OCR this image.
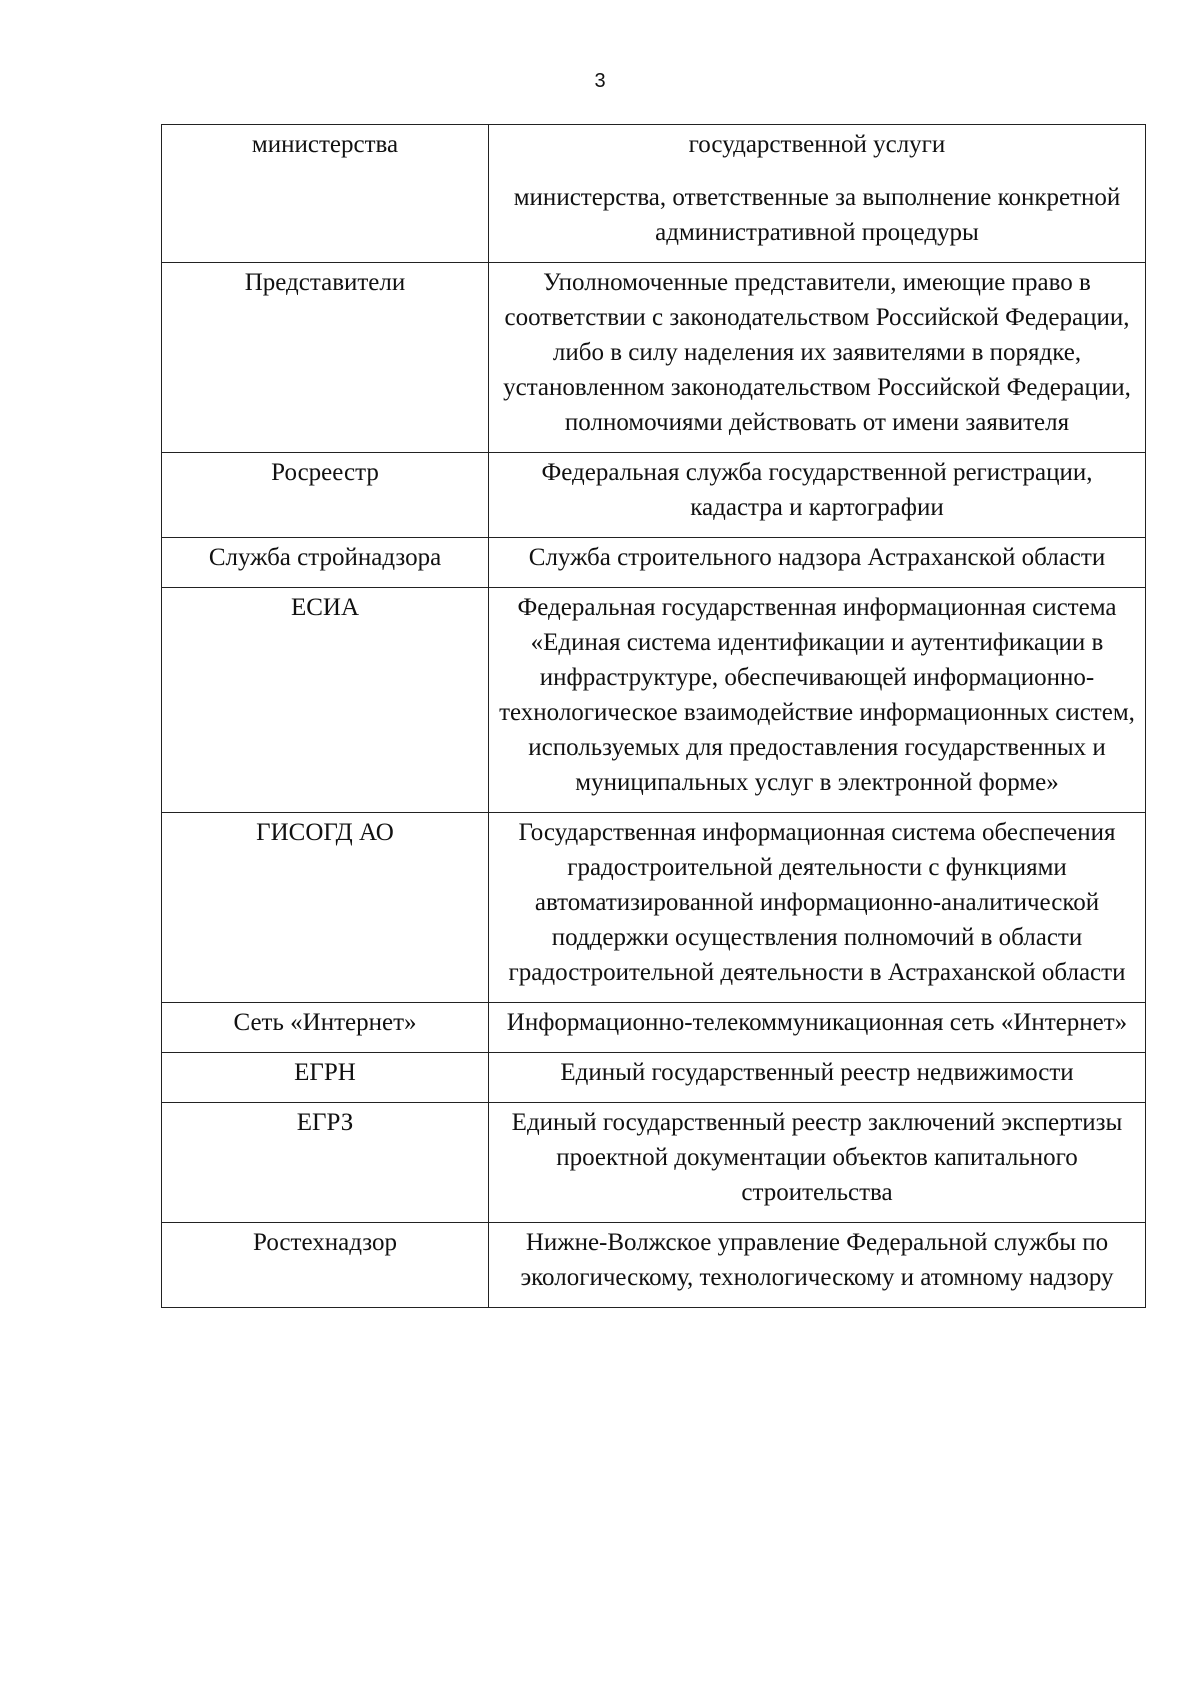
3
министерства	государственной услуги

министерства, ответственные за выполнение конкретной административной процедуры

Представители	Уполномоченные представители, имеющие право в соответствии с законодательством Российской Федерации, либо в силу наделения их заявителями в порядке, установленном законодательством Российской Федерации, полномочиями действовать от имени заявителя

Росреестр	Федеральная служба государственной регистрации, кадастра и картографии

Служба стройнадзора	Служба строительного надзора Астраханской области

ЕСИА	Федеральная государственная информационная система «Единая система идентификации и аутентификации в инфраструктуре, обеспечивающей информационно-технологическое взаимодействие информационных систем, используемых для предоставления государственных и муниципальных услуг в электронной форме»

ГИСОГД АО	Государственная информационная система обеспечения градостроительной деятельности с функциями автоматизированной информационно-аналитической поддержки осуществления полномочий в области градостроительной деятельности в Астраханской области

Сеть «Интернет»	Информационно-телекоммуникационная сеть «Интернет»

ЕГРН	Единый государственный реестр недвижимости

ЕГРЗ	Единый государственный реестр заключений экспертизы проектной документации объектов капитального строительства

Ростехнадзор	Нижне-Волжское управление Федеральной службы по экологическому, технологическому и атомному надзору
